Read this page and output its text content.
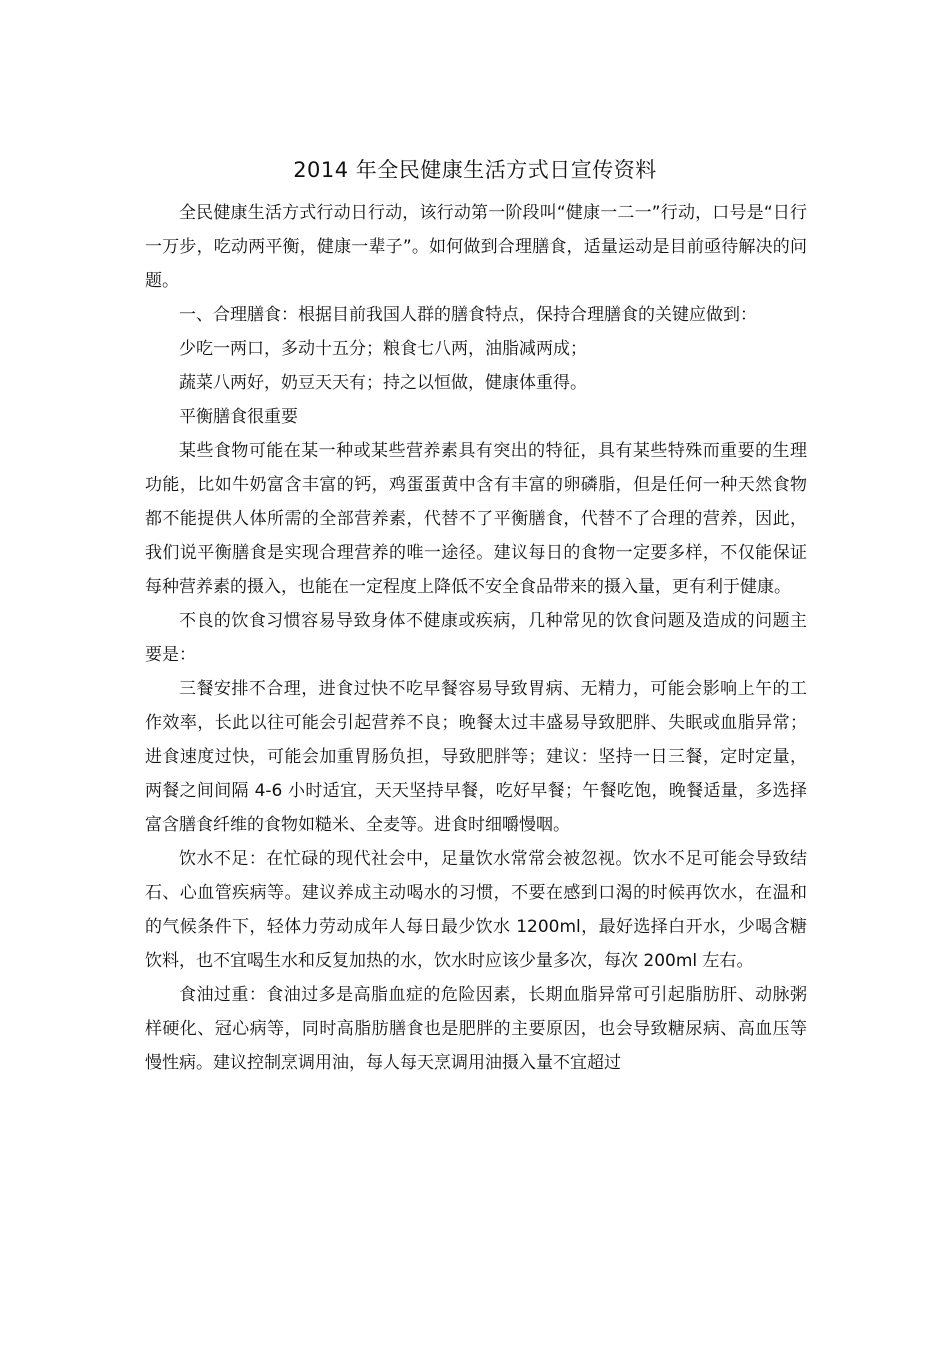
2014 年全民健康生活方式日宣传资料

全民健康生活方式行动日行动，该行动第一阶段叫“健康一二一”行动，口号是“日行一万步，吃动两平衡，健康一辈子”。如何做到合理膳食，适量运动是目前亟待解决的问题。

一、合理膳食：根据目前我国人群的膳食特点，保持合理膳食的关键应做到：

少吃一两口，多动十五分；粮食七八两，油脂减两成；

蔬菜八两好，奶豆天天有；持之以恒做，健康体重得。

平衡膳食很重要

某些食物可能在某一种或某些营养素具有突出的特征，具有某些特殊而重要的生理功能，比如牛奶富含丰富的钙，鸡蛋蛋黄中含有丰富的卵磷脂，但是任何一种天然食物都不能提供人体所需的全部营养素，代替不了平衡膳食，代替不了合理的营养，因此，我们说平衡膳食是实现合理营养的唯一途径。建议每日的食物一定要多样，不仅能保证每种营养素的摄入，也能在一定程度上降低不安全食品带来的摄入量，更有利于健康。

不良的饮食习惯容易导致身体不健康或疾病，几种常见的饮食问题及造成的问题主要是：

三餐安排不合理，进食过快不吃早餐容易导致胃病、无精力，可能会影响上午的工作效率，长此以往可能会引起营养不良；晚餐太过丰盛易导致肥胖、失眠或血脂异常；进食速度过快，可能会加重胃肠负担，导致肥胖等；建议：坚持一日三餐，定时定量，两餐之间间隔 4-6 小时适宜，天天坚持早餐，吃好早餐；午餐吃饱，晚餐适量，多选择富含膳食纤维的食物如糙米、全麦等。进食时细嚼慢咽。

饮水不足：在忙碌的现代社会中，足量饮水常常会被忽视。饮水不足可能会导致结石、心血管疾病等。建议养成主动喝水的习惯，不要在感到口渴的时候再饮水，在温和的气候条件下，轻体力劳动成年人每日最少饮水 1200ml，最好选择白开水，少喝含糖饮料，也不宜喝生水和反复加热的水，饮水时应该少量多次，每次 200ml 左右。

食油过重：食油过多是高脂血症的危险因素，长期血脂异常可引起脂肪肝、动脉粥样硬化、冠心病等，同时高脂肪膳食也是肥胖的主要原因，也会导致糖尿病、高血压等慢性病。建议控制烹调用油，每人每天烹调用油摄入量不宜超过
